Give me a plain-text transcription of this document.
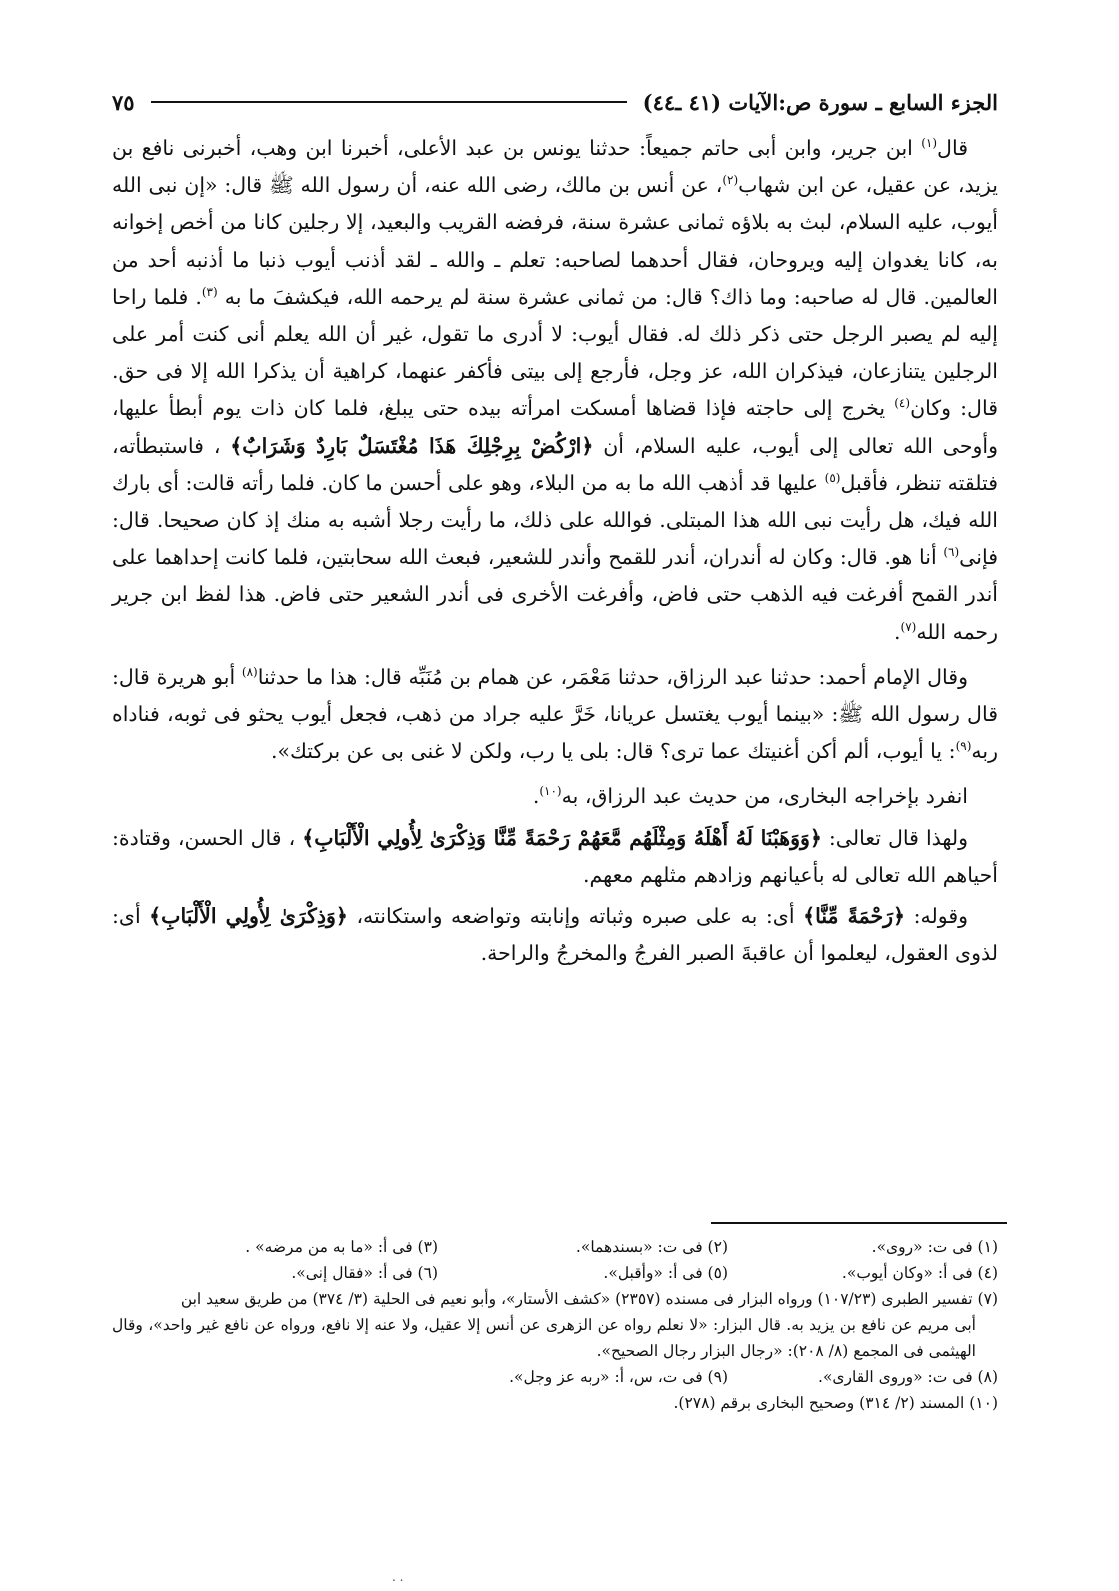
الجزء السابع ـ سورة ص:الآيات (٤١ ـ٤٤)
٧٥

قال$^{(١)}$ ابن جرير، وابن أبى حاتم جميعاً: حدثنا يونس بن عبد الأعلى، أخبرنا ابن وهب، أخبرنى نافع بن يزيد، عن عقيل، عن ابن شهاب$^{(٢)}$، عن أنس بن مالك، رضى الله عنه، أن رسول الله ﷺ قال: «إن نبى الله أيوب، عليه السلام، لبث به بلاؤه ثمانى عشرة سنة، فرفضه القريب والبعيد، إلا رجلين كانا من أخص إخوانه به، كانا يغدوان إليه ويروحان، فقال أحدهما لصاحبه: تعلم ـ والله ـ لقد أذنب أيوب ذنبا ما أذنبه أحد من العالمين. قال له صاحبه: وما ذاك؟ قال: من ثمانى عشرة سنة لم يرحمه الله، فيكشفَ ما به $^{(٣)}$. فلما راحا إليه لم يصبر الرجل حتى ذكر ذلك له. فقال أيوب: لا أدرى ما تقول، غير أن الله يعلم أنى كنت أمر على الرجلين يتنازعان، فيذكران الله، عز وجل، فأرجع إلى بيتى فأكفر عنهما، كراهية أن يذكرا الله إلا فى حق. قال: وكان$^{(٤)}$ يخرج إلى حاجته فإذا قضاها أمسكت امرأته بيده حتى يبلغ، فلما كان ذات يوم أبطأ عليها، وأوحى الله تعالى إلى أيوب، عليه السلام، أن ﴿ارْكُضْ بِرِجْلِكَ هَذَا مُغْتَسَلٌ بَارِدٌ وَشَرَابٌ﴾ ، فاستبطأته، فتلقته تنظر، فأقبل$^{(٥)}$ عليها قد أذهب الله ما به من البلاء، وهو على أحسن ما كان. فلما رأته قالت: أى بارك الله فيك، هل رأيت نبى الله هذا المبتلى. فوالله على ذلك، ما رأيت رجلا أشبه به منك إذ كان صحيحا. قال: فإنى$^{(٦)}$ أنا هو. قال: وكان له أندران، أندر للقمح وأندر للشعير، فبعث الله سحابتين، فلما كانت إحداهما على أندر القمح أفرغت فيه الذهب حتى فاض، وأفرغت الأخرى فى أندر الشعير حتى فاض. هذا لفظ ابن جرير رحمه الله$^{(٧)}$.

وقال الإمام أحمد: حدثنا عبد الرزاق، حدثنا مَعْمَر، عن همام بن مُنَبِّه قال: هذا ما حدثنا$^{(٨)}$ أبو هريرة قال: قال رسول الله ﷺ: «بينما أيوب يغتسل عريانا، خَرَّ عليه جراد من ذهب، فجعل أيوب يحثو فى ثوبه، فناداه ربه$^{(٩)}$: يا أيوب، ألم أكن أغنيتك عما ترى؟ قال: بلى يا رب، ولكن لا غنى بى عن بركتك».

انفرد بإخراجه البخارى، من حديث عبد الرزاق، به$^{(١٠)}$.

ولهذا قال تعالى: ﴿وَوَهَبْنَا لَهُ أَهْلَهُ وَمِثْلَهُم مَّعَهُمْ رَحْمَةً مِّنَّا وَذِكْرَىٰ لِأُولِي الْأَلْبَابِ﴾ ، قال الحسن، وقتادة: أحياهم الله تعالى له بأعيانهم وزادهم مثلهم معهم.

وقوله: ﴿رَحْمَةً مِّنَّا﴾ أى: به على صبره وثباته وإنابته وتواضعه واستكانته، ﴿وَذِكْرَىٰ لِأُولِي الْأَلْبَابِ﴾ أى: لذوى العقول، ليعلموا أن عاقبةَ الصبر الفرجُ والمخرجُ والراحة.

(١) فى ت: «روى».
(٢) فى ت: «بسندهما».
(٣) فى أ: «ما به من مرضه» .
(٤) فى أ: «وكان أيوب».
(٥) فى أ: «وأقبل».
(٦) فى أ: «فقال إنى».
(٧) تفسير الطبرى (١٠٧/٢٣) ورواه البزار فى مسنده (٢٣٥٧) «كشف الأستار»، وأبو نعيم فى الحلية (٣/ ٣٧٤) من طريق سعيد ابن
أبى مريم عن نافع بن يزيد به. قال البزار: «لا نعلم رواه عن الزهرى عن أنس إلا عقيل، ولا عنه إلا نافع، ورواه عن نافع غير واحد»، وقال الهيثمى فى المجمع (٨/ ٢٠٨): «رجال البزار رجال الصحيح».
(٨) فى ت: «وروى القارى».
(٩) فى ت، س، أ: «ربه عز وجل».
(١٠) المسند (٢/ ٣١٤) وصحيح البخارى برقم (٢٧٨).
. .
